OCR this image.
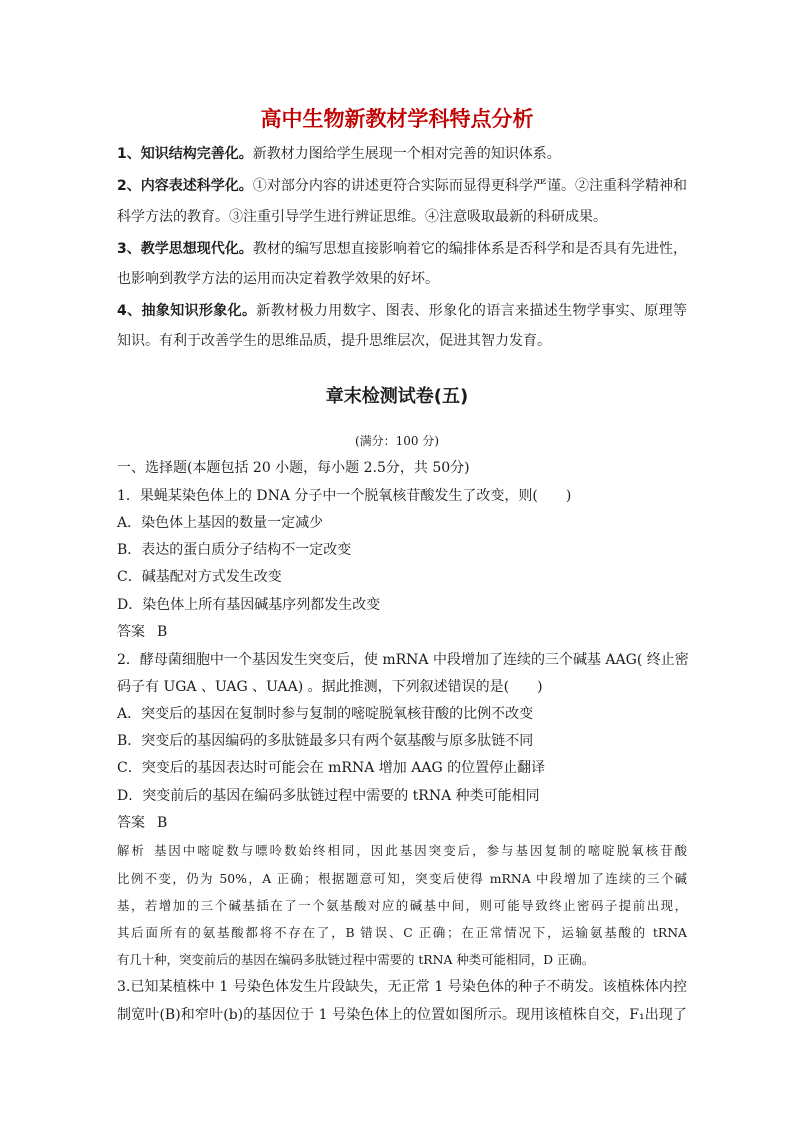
高中生物新教材学科特点分析
1、知识结构完善化。新教材力图给学生展现一个相对完善的知识体系。
2、内容表述科学化。①对部分内容的讲述更符合实际而显得更科学严谨。②注重科学精神和
科学方法的教育。③注重引导学生进行辨证思维。④注意吸取最新的科研成果。
3、教学思想现代化。教材的编写思想直接影响着它的编排体系是否科学和是否具有先进性，
也影响到教学方法的运用而决定着教学效果的好坏。
4、抽象知识形象化。新教材极力用数字、图表、形象化的语言来描述生物学事实、原理等
知识。有利于改善学生的思维品质，提升思维层次，促进其智力发育。
章末检测试卷(五)
(满分：100 分)
一、选择题(本题包括 20 小题，每小题 2.5分，共 50分)
1．果蝇某染色体上的 DNA 分子中一个脱氧核苷酸发生了改变，则(　　)
A．染色体上基因的数量一定减少
B．表达的蛋白质分子结构不一定改变
C．碱基配对方式发生改变
D．染色体上所有基因碱基序列都发生改变
答案 B
2．酵母菌细胞中一个基因发生突变后，使 mRNA 中段增加了连续的三个碱基 AAG( 终止密
码子有 UGA 、UAG 、UAA) 。据此推测，下列叙述错误的是(　　)
A．突变后的基因在复制时参与复制的嘧啶脱氧核苷酸的比例不改变
B．突变后的基因编码的多肽链最多只有两个氨基酸与原多肽链不同
C．突变后的基因表达时可能会在 mRNA 增加 AAG 的位置停止翻译
D．突变前后的基因在编码多肽链过程中需要的 tRNA 种类可能相同
答案 B
解析 基因中嘧啶数与嘌呤数始终相同，因此基因突变后，参与基因复制的嘧啶脱氧核苷酸
比例不变，仍为 50%，A 正确；根据题意可知，突变后使得 mRNA 中段增加了连续的三个碱
基，若增加的三个碱基插在了一个氨基酸对应的碱基中间，则可能导致终止密码子提前出现，
其后面所有的氨基酸都将不存在了，B 错误、C 正确；在正常情况下，运输氨基酸的 tRNA
有几十种，突变前后的基因在编码多肽链过程中需要的 tRNA 种类可能相同，D 正确。
3.已知某植株中 1 号染色体发生片段缺失，无正常 1 号染色体的种子不萌发。该植株体内控
制宽叶(B)和窄叶(b)的基因位于 1 号染色体上的位置如图所示。现用该植株自交，F₁出现了
